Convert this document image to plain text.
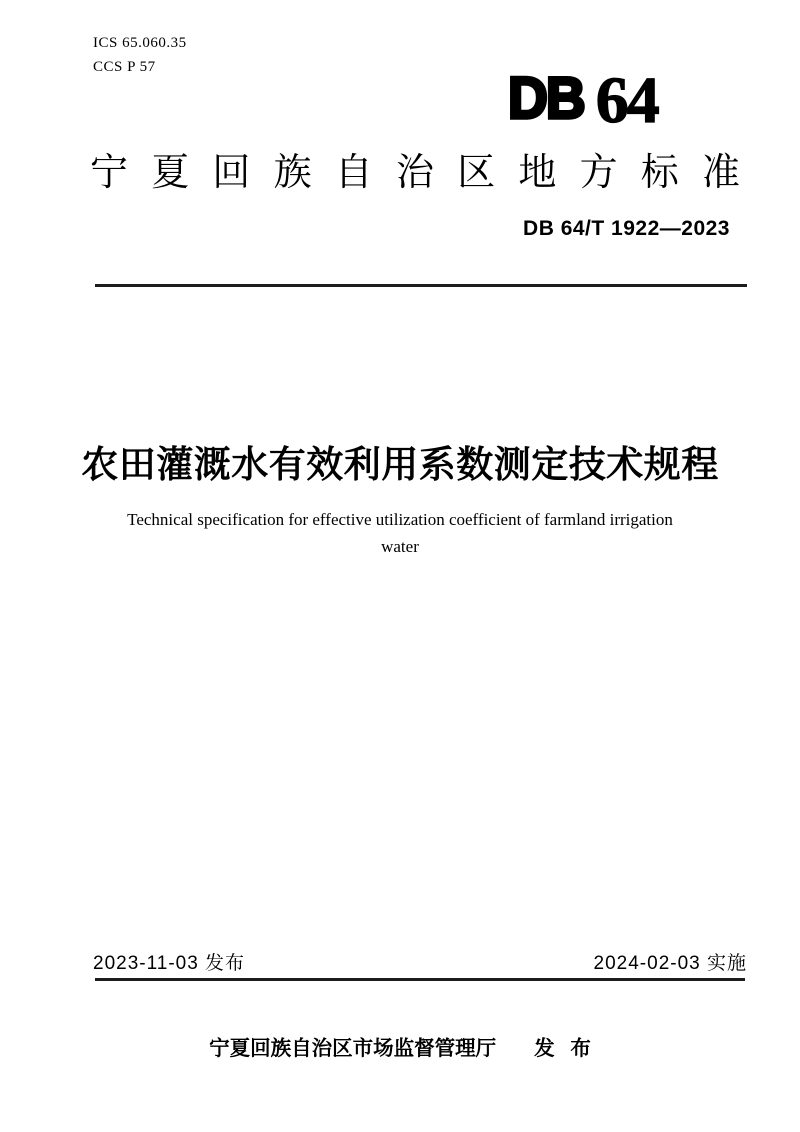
ICS 65.060.35
CCS P 57	DB 64
宁夏回族自治区地方标准
DB 64/T 1922—2023
农田灌溉水有效利用系数测定技术规程
Technical specification for effective utilization coefficient of farmland irrigation
water
2023-11-03 发布	2024-02-03 实施
宁夏回族自治区市场监督管理厅 发 布
